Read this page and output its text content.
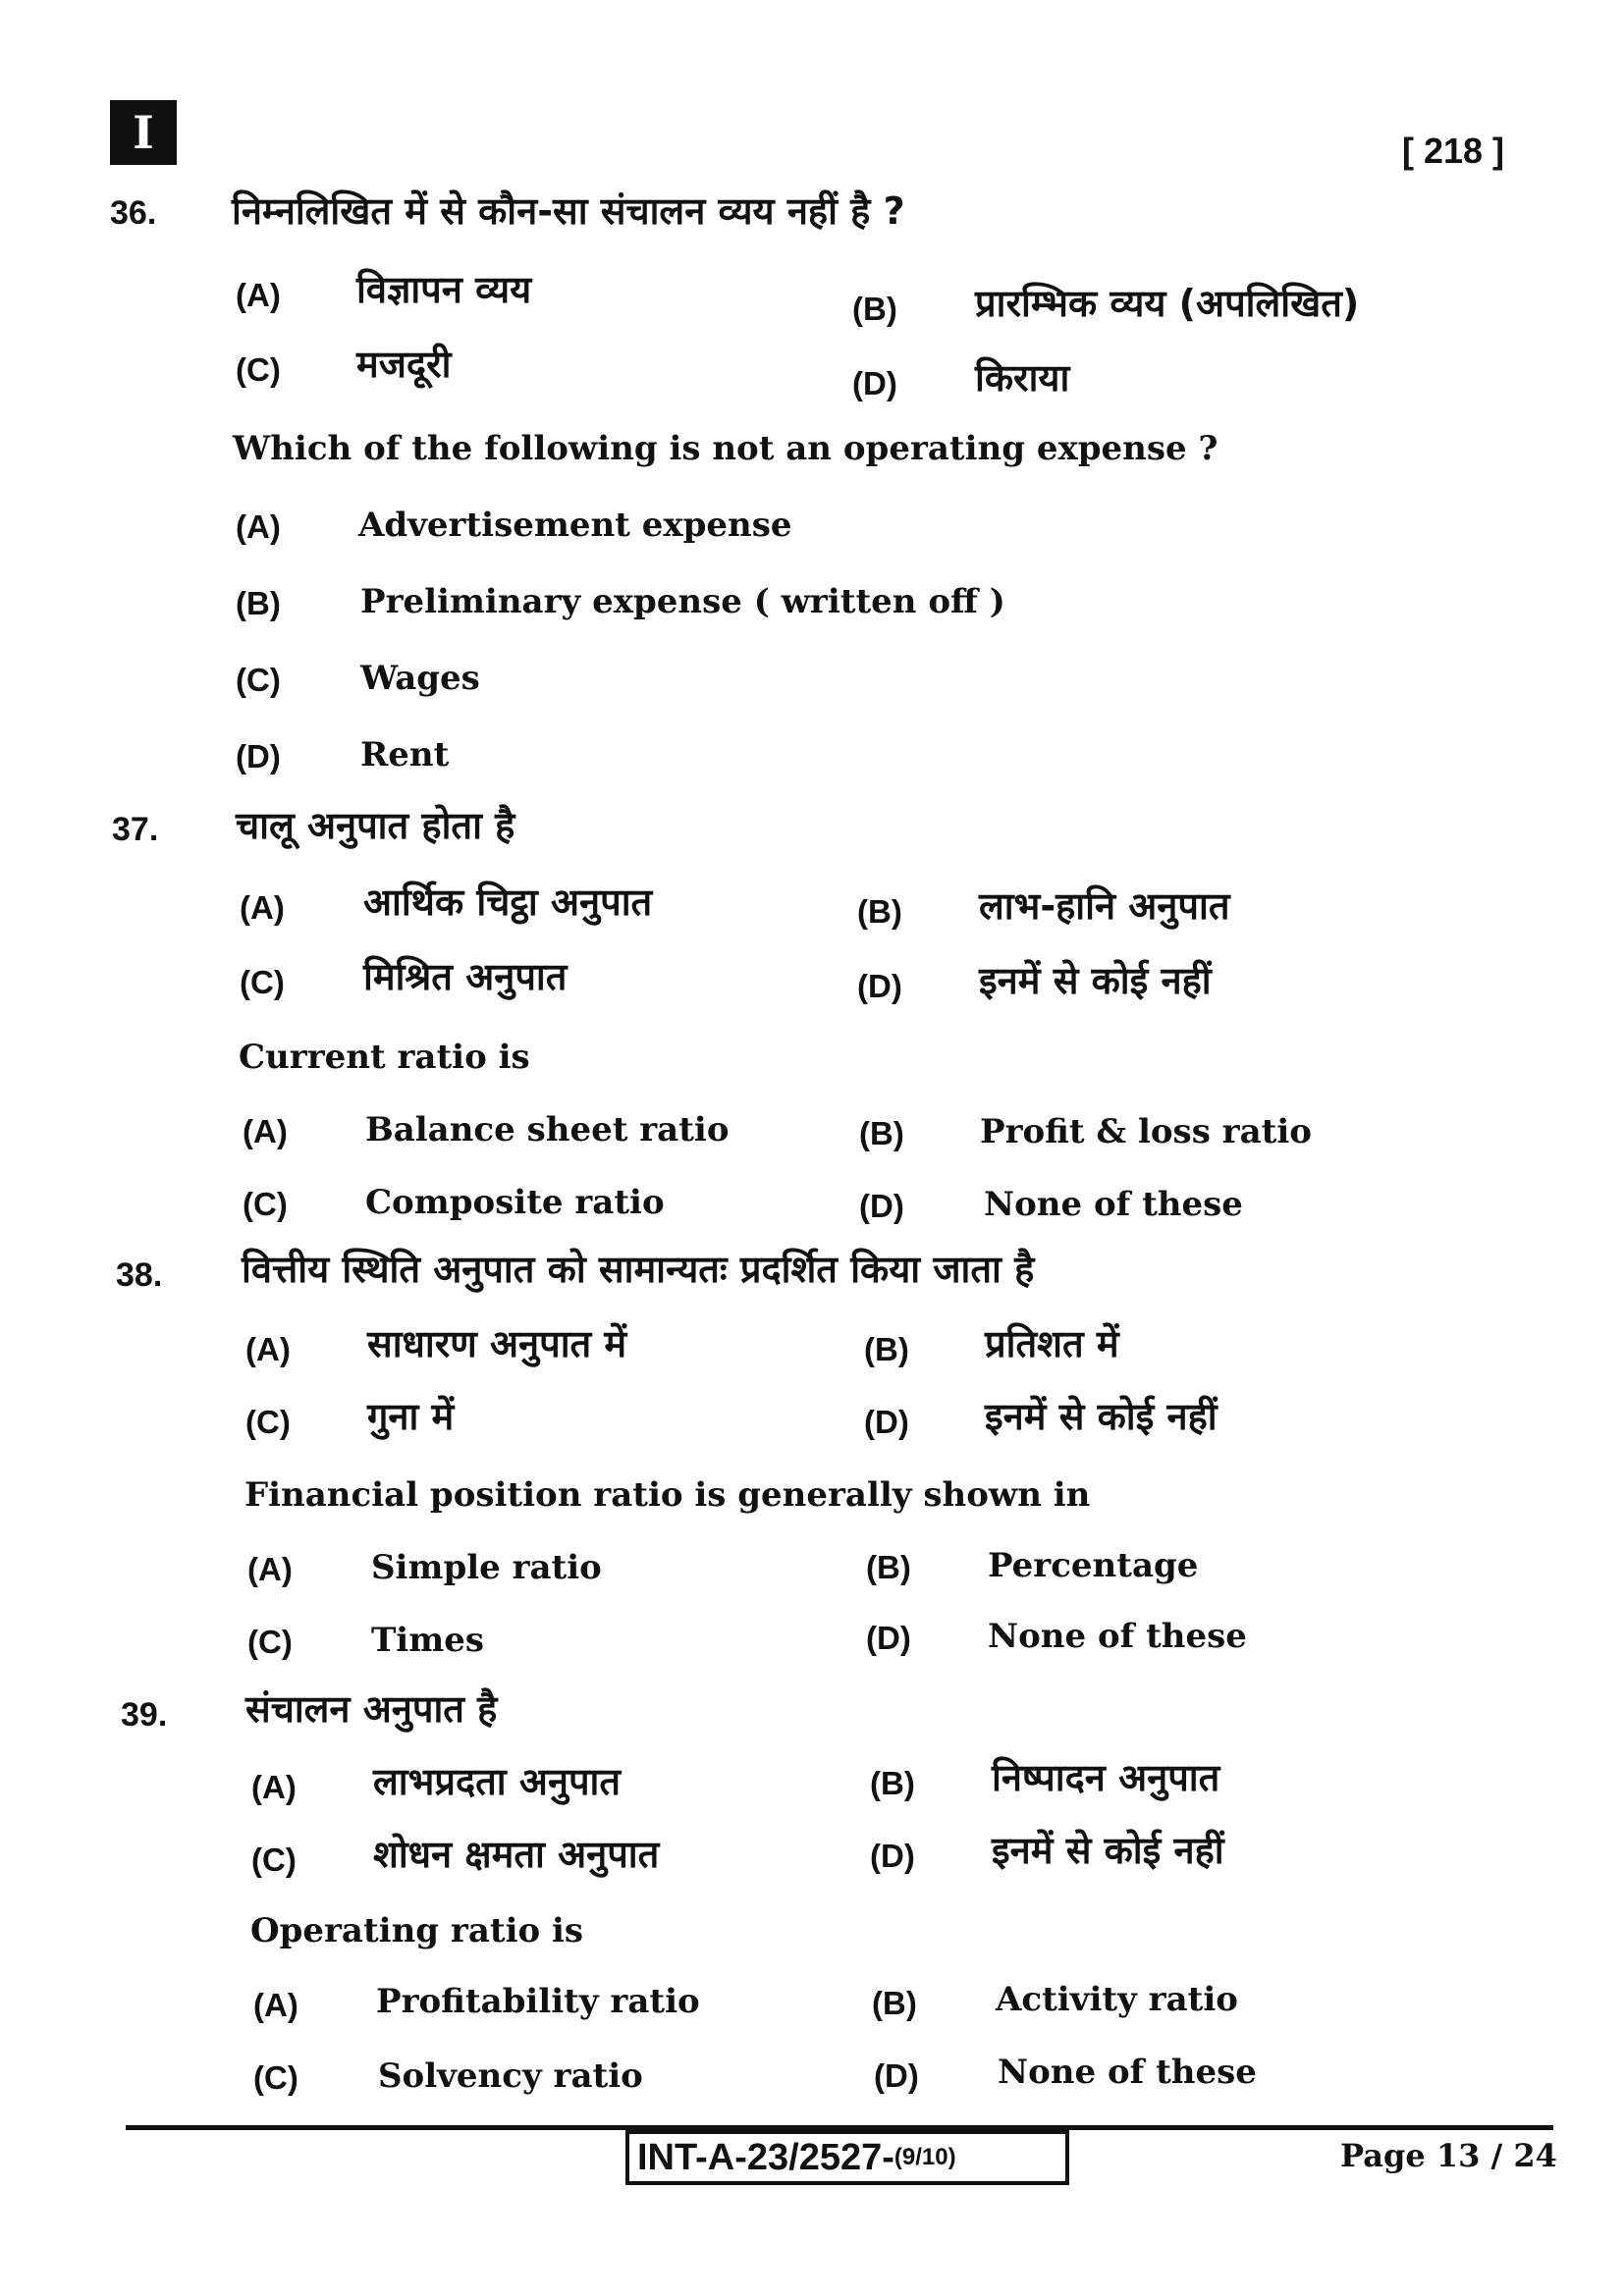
I	[ 218 ]
36. निम्नलिखित में से कौन-सा संचालन व्यय नहीं है ?
(A) विज्ञापन व्यय	(B) प्रारम्भिक व्यय (अपलिखित)
(C) मजदूरी	(D) किराया
Which of the following is not an operating expense ?
(A) Advertisement expense
(B) Preliminary expense ( written off )
(C) Wages
(D) Rent
37. चालू अनुपात होता है
(A) आर्थिक चिट्ठा अनुपात	(B) लाभ-हानि अनुपात
(C) मिश्रित अनुपात	(D) इनमें से कोई नहीं
Current ratio is
(A) Balance sheet ratio	(B) Profit & loss ratio
(C) Composite ratio	(D) None of these
38. वित्तीय स्थिति अनुपात को सामान्यतः प्रदर्शित किया जाता है
(A) साधारण अनुपात में	(B) प्रतिशत में
(C) गुना में	(D) इनमें से कोई नहीं
Financial position ratio is generally shown in
(A) Simple ratio	(B) Percentage
(C) Times	(D) None of these
39. संचालन अनुपात है
(A) लाभप्रदता अनुपात	(B) निष्पादन अनुपात
(C) शोधन क्षमता अनुपात	(D) इनमें से कोई नहीं
Operating ratio is
(A) Profitability ratio	(B) Activity ratio
(C) Solvency ratio	(D) None of these
INT-A-23/2527- (9/10)	Page 13 / 24
